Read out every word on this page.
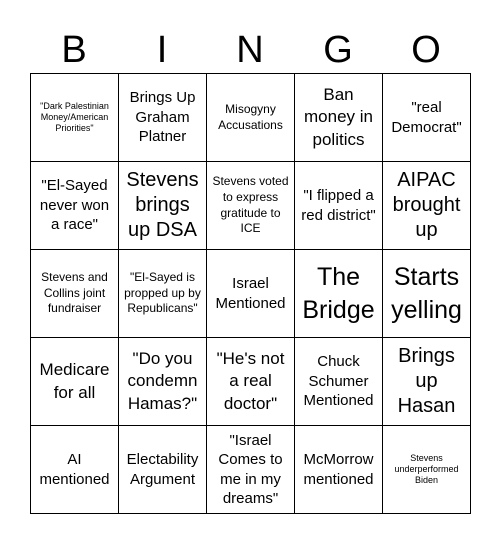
B	I	N	G	O
"Dark Palestinian Money/American Priorities"
Brings Up Graham Platner
Misogyny Accusations
Ban money in politics
"real Democrat"
"El-Sayed never won a race"
Stevens brings up DSA
Stevens voted to express gratitude to ICE
"I flipped a red district"
AIPAC brought up
Stevens and Collins joint fundraiser
"El-Sayed is propped up by Republicans"
Israel Mentioned
The Bridge
Starts yelling
Medicare for all
"Do you condemn Hamas?"
"He's not a real doctor"
Chuck Schumer Mentioned
Brings up Hasan
AI mentioned
Electability Argument
"Israel Comes to me in my dreams"
McMorrow mentioned
Stevens underperformed Biden
